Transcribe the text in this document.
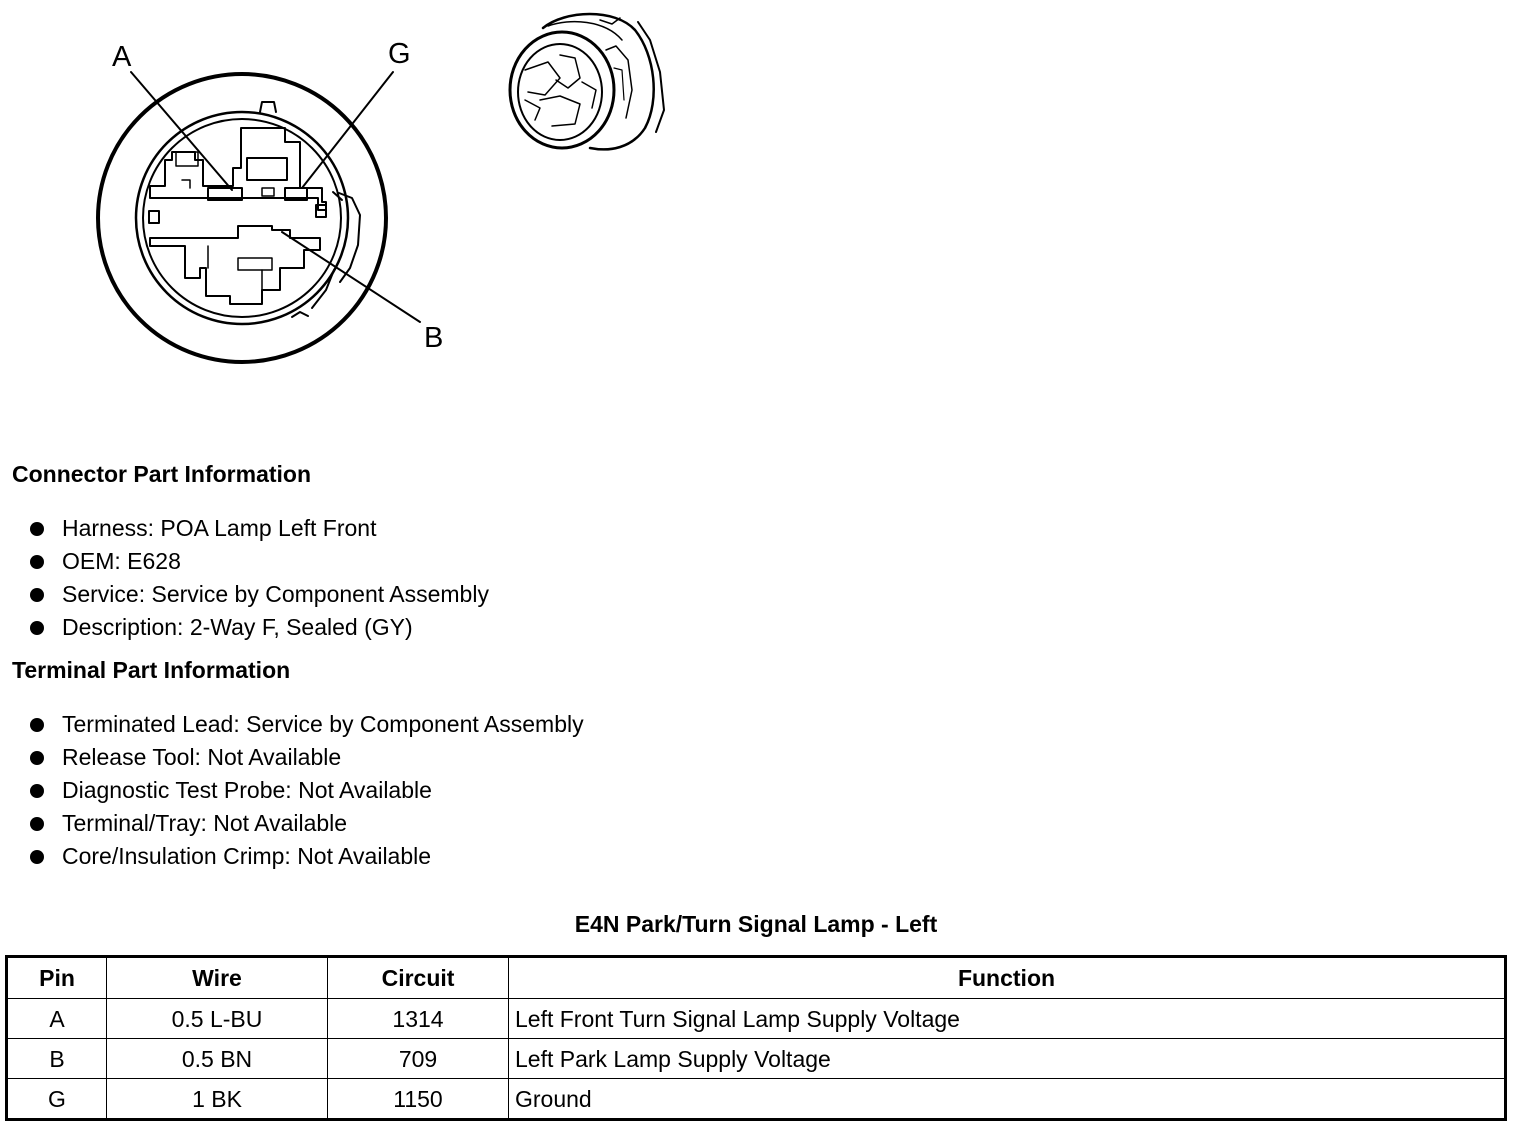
A	G
B
Connector Part Information
Harness: POA Lamp Left Front
OEM: E628
Service: Service by Component Assembly
Description: 2-Way F, Sealed (GY)
Terminal Part Information
Terminated Lead: Service by Component Assembly
Release Tool: Not Available
Diagnostic Test Probe: Not Available
Terminal/Tray: Not Available
Core/Insulation Crimp: Not Available
E4N Park/Turn Signal Lamp - Left
Pin	Wire	Circuit	Function
A	0.5 L-BU	1314	Left Front Turn Signal Lamp Supply Voltage
B	0.5 BN	709	Left Park Lamp Supply Voltage
G	1 BK	1150	Ground
